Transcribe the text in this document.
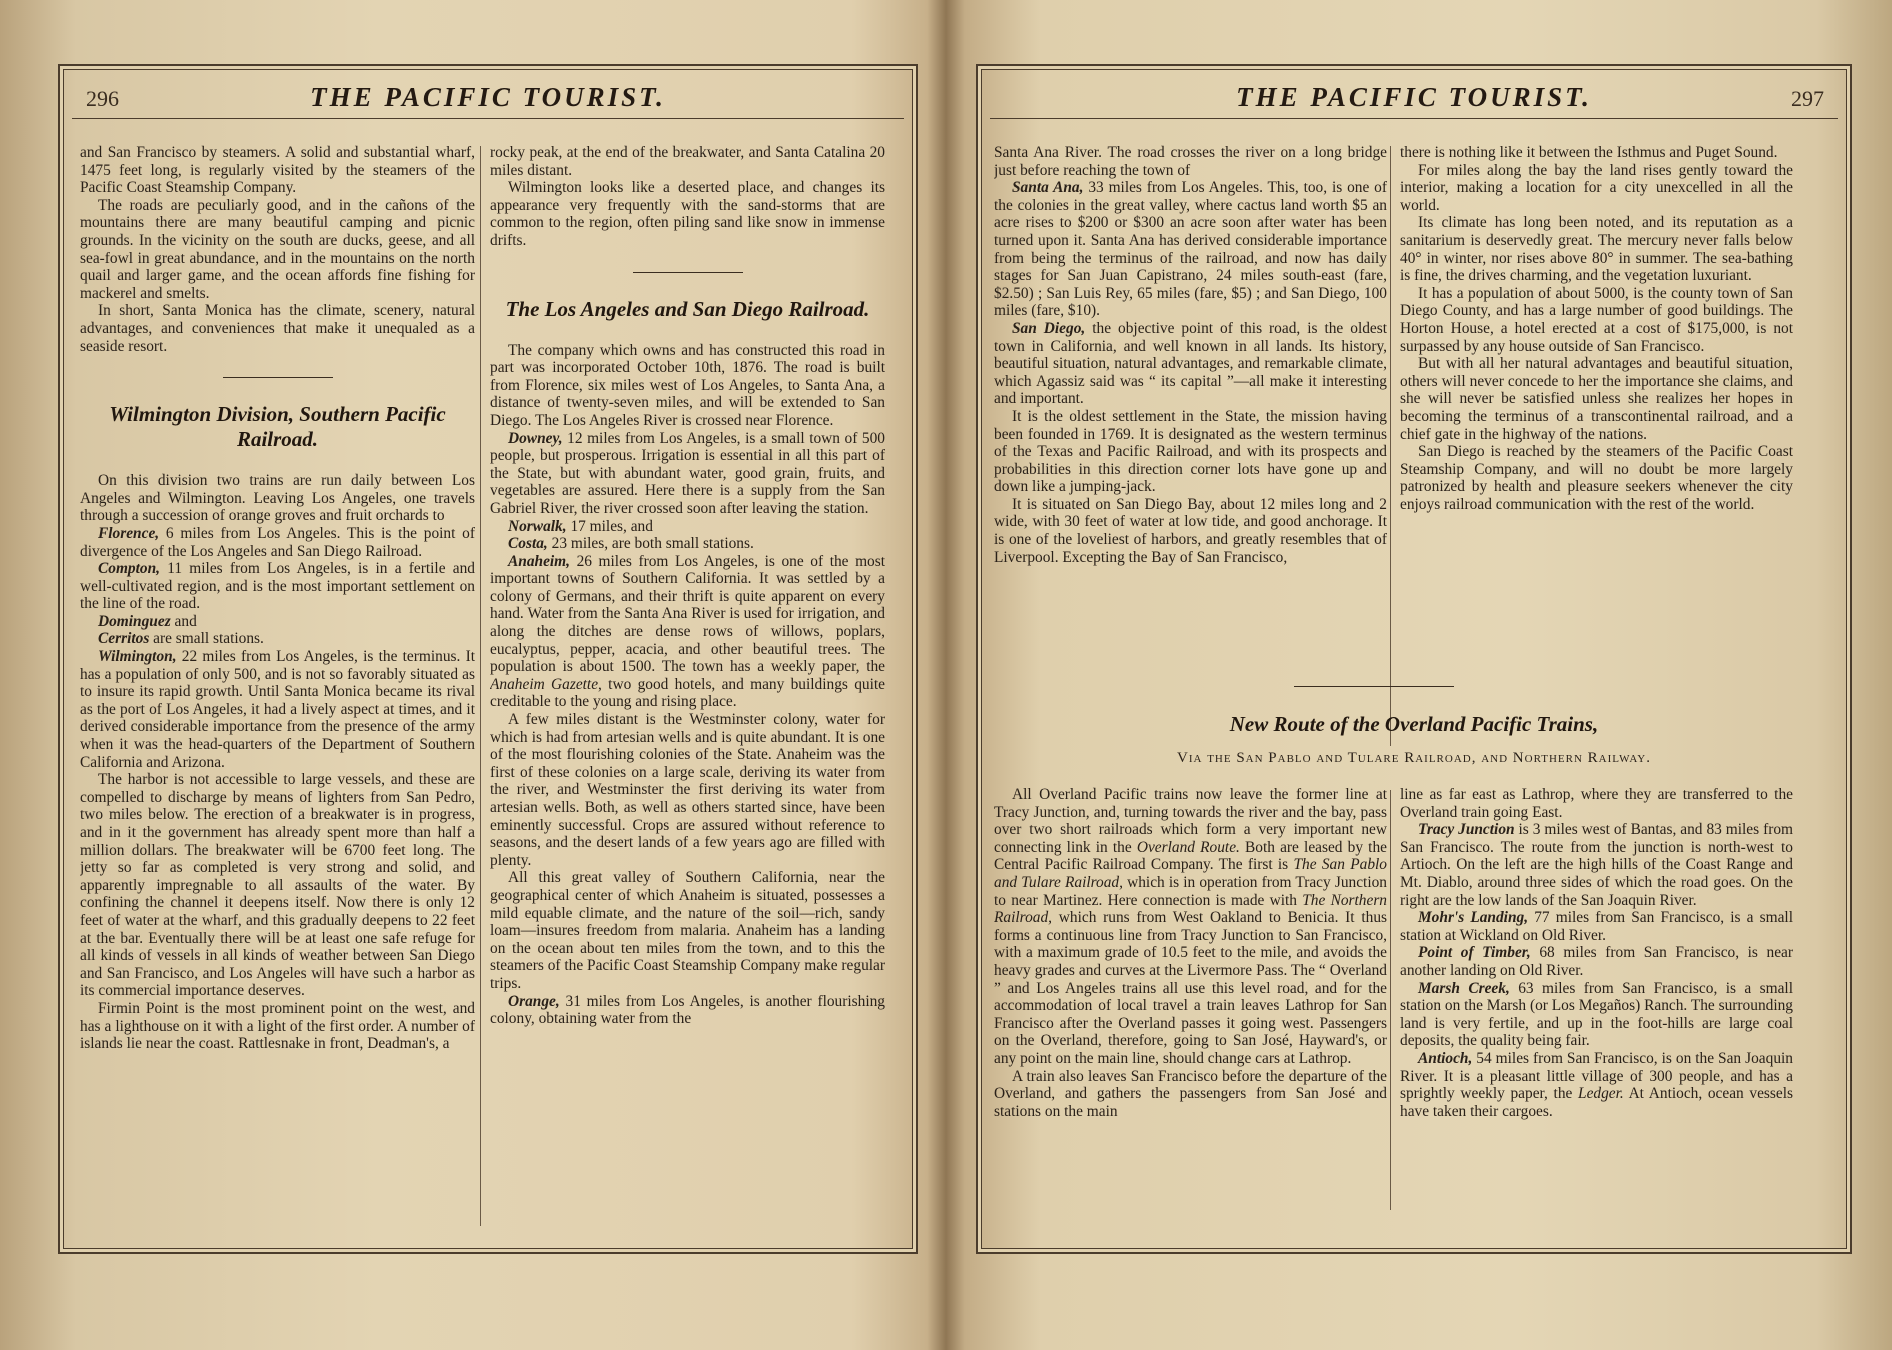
296	THE PACIFIC TOURIST.

and San Francisco by steamers. A solid and substantial wharf, 1475 feet long, is regularly visited by the steamers of the Pacific Coast Steamship Company.

The roads are peculiarly good, and in the cañons of the mountains there are many beautiful camping and picnic grounds. In the vicinity on the south are ducks, geese, and all sea-fowl in great abundance, and in the mountains on the north quail and larger game, and the ocean affords fine fishing for mackerel and smelts.

In short, Santa Monica has the climate, scenery, natural advantages, and conveniences that make it unequaled as a seaside resort.

Wilmington Division, Southern Pacific Railroad.

On this division two trains are run daily between Los Angeles and Wilmington. Leaving Los Angeles, one travels through a succession of orange groves and fruit orchards to

Florence, 6 miles from Los Angeles. This is the point of divergence of the Los Angeles and San Diego Railroad.

Compton, 11 miles from Los Angeles, is in a fertile and well-cultivated region, and is the most important settlement on the line of the road.

Dominguez and

Cerritos are small stations.

Wilmington, 22 miles from Los Angeles, is the terminus. It has a population of only 500, and is not so favorably situated as to insure its rapid growth. Until Santa Monica became its rival as the port of Los Angeles, it had a lively aspect at times, and it derived considerable importance from the presence of the army when it was the head-quarters of the Department of Southern California and Arizona.

The harbor is not accessible to large vessels, and these are compelled to discharge by means of lighters from San Pedro, two miles below. The erection of a breakwater is in progress, and in it the government has already spent more than half a million dollars. The breakwater will be 6700 feet long. The jetty so far as completed is very strong and solid, and apparently impregnable to all assaults of the water. By confining the channel it deepens itself. Now there is only 12 feet of water at the wharf, and this gradually deepens to 22 feet at the bar. Eventually there will be at least one safe refuge for all kinds of vessels in all kinds of weather between San Diego and San Francisco, and Los Angeles will have such a harbor as its commercial importance deserves.

Firmin Point is the most prominent point on the west, and has a lighthouse on it with a light of the first order. A number of islands lie near the coast. Rattlesnake in front, Deadman's, a

rocky peak, at the end of the breakwater, and Santa Catalina 20 miles distant.

Wilmington looks like a deserted place, and changes its appearance very frequently with the sand-storms that are common to the region, often piling sand like snow in immense drifts.

The Los Angeles and San Diego Railroad.

The company which owns and has constructed this road in part was incorporated October 10th, 1876. The road is built from Florence, six miles west of Los Angeles, to Santa Ana, a distance of twenty-seven miles, and will be extended to San Diego. The Los Angeles River is crossed near Florence.

Downey, 12 miles from Los Angeles, is a small town of 500 people, but prosperous. Irrigation is essential in all this part of the State, but with abundant water, good grain, fruits, and vegetables are assured. Here there is a supply from the San Gabriel River, the river crossed soon after leaving the station.

Norwalk, 17 miles, and

Costa, 23 miles, are both small stations.

Anaheim, 26 miles from Los Angeles, is one of the most important towns of Southern California. It was settled by a colony of Germans, and their thrift is quite apparent on every hand. Water from the Santa Ana River is used for irrigation, and along the ditches are dense rows of willows, poplars, eucalyptus, pepper, acacia, and other beautiful trees. The population is about 1500. The town has a weekly paper, the Anaheim Gazette, two good hotels, and many buildings quite creditable to the young and rising place.

A few miles distant is the Westminster colony, water for which is had from artesian wells and is quite abundant. It is one of the most flourishing colonies of the State. Anaheim was the first of these colonies on a large scale, deriving its water from the river, and Westminster the first deriving its water from artesian wells. Both, as well as others started since, have been eminently successful. Crops are assured without reference to seasons, and the desert lands of a few years ago are filled with plenty.

All this great valley of Southern California, near the geographical center of which Anaheim is situated, possesses a mild equable climate, and the nature of the soil—rich, sandy loam—insures freedom from malaria. Anaheim has a landing on the ocean about ten miles from the town, and to this the steamers of the Pacific Coast Steamship Company make regular trips.

Orange, 31 miles from Los Angeles, is another flourishing colony, obtaining water from the

THE PACIFIC TOURIST.	297

Santa Ana River. The road crosses the river on a long bridge just before reaching the town of

Santa Ana, 33 miles from Los Angeles. This, too, is one of the colonies in the great valley, where cactus land worth $5 an acre rises to $200 or $300 an acre soon after water has been turned upon it. Santa Ana has derived considerable importance from being the terminus of the railroad, and now has daily stages for San Juan Capistrano, 24 miles south-east (fare, $2.50) ; San Luis Rey, 65 miles (fare, $5) ; and San Diego, 100 miles (fare, $10).

San Diego, the objective point of this road, is the oldest town in California, and well known in all lands. Its history, beautiful situation, natural advantages, and remarkable climate, which Agassiz said was “ its capital ”—all make it interesting and important.

It is the oldest settlement in the State, the mission having been founded in 1769. It is designated as the western terminus of the Texas and Pacific Railroad, and with its prospects and probabilities in this direction corner lots have gone up and down like a jumping-jack.

It is situated on San Diego Bay, about 12 miles long and 2 wide, with 30 feet of water at low tide, and good anchorage. It is one of the loveliest of harbors, and greatly resembles that of Liverpool. Excepting the Bay of San Francisco,

there is nothing like it between the Isthmus and Puget Sound.

For miles along the bay the land rises gently toward the interior, making a location for a city unexcelled in all the world.

Its climate has long been noted, and its reputation as a sanitarium is deservedly great. The mercury never falls below 40° in winter, nor rises above 80° in summer. The sea-bathing is fine, the drives charming, and the vegetation luxuriant.

It has a population of about 5000, is the county town of San Diego County, and has a large number of good buildings. The Horton House, a hotel erected at a cost of $175,000, is not surpassed by any house outside of San Francisco.

But with all her natural advantages and beautiful situation, others will never concede to her the importance she claims, and she will never be satisfied unless she realizes her hopes in becoming the terminus of a transcontinental railroad, and a chief gate in the highway of the nations.

San Diego is reached by the steamers of the Pacific Coast Steamship Company, and will no doubt be more largely patronized by health and pleasure seekers whenever the city enjoys railroad communication with the rest of the world.

New Route of the Overland Pacific Trains,
Via the San Pablo and Tulare Railroad, and Northern Railway.

All Overland Pacific trains now leave the former line at Tracy Junction, and, turning towards the river and the bay, pass over two short railroads which form a very important new connecting link in the Overland Route. Both are leased by the Central Pacific Railroad Company. The first is The San Pablo and Tulare Railroad, which is in operation from Tracy Junction to near Martinez. Here connection is made with The Northern Railroad, which runs from West Oakland to Benicia. It thus forms a continuous line from Tracy Junction to San Francisco, with a maximum grade of 10.5 feet to the mile, and avoids the heavy grades and curves at the Livermore Pass. The “ Overland ” and Los Angeles trains all use this level road, and for the accommodation of local travel a train leaves Lathrop for San Francisco after the Overland passes it going west. Passengers on the Overland, therefore, going to San José, Hayward's, or any point on the main line, should change cars at Lathrop.

A train also leaves San Francisco before the departure of the Overland, and gathers the passengers from San José and stations on the main

line as far east as Lathrop, where they are transferred to the Overland train going East.

Tracy Junction is 3 miles west of Bantas, and 83 miles from San Francisco. The route from the junction is north-west to Artioch. On the left are the high hills of the Coast Range and Mt. Diablo, around three sides of which the road goes. On the right are the low lands of the San Joaquin River.

Mohr's Landing, 77 miles from San Francisco, is a small station at Wickland on Old River.

Point of Timber, 68 miles from San Francisco, is near another landing on Old River.

Marsh Creek, 63 miles from San Francisco, is a small station on the Marsh (or Los Megaños) Ranch. The surrounding land is very fertile, and up in the foot-hills are large coal deposits, the quality being fair.

Antioch, 54 miles from San Francisco, is on the San Joaquin River. It is a pleasant little village of 300 people, and has a sprightly weekly paper, the Ledger. At Antioch, ocean vessels have taken their cargoes.
